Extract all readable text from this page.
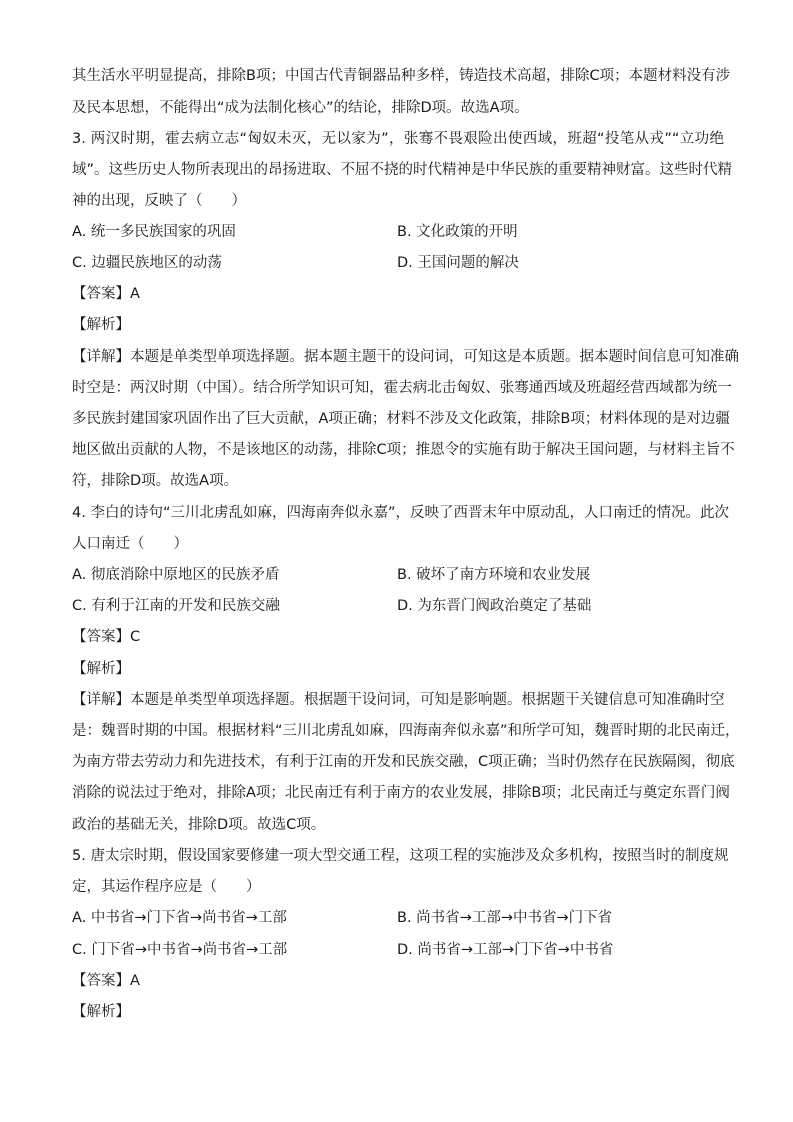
其生活水平明显提高，排除B项；中国古代青铜器品种多样，铸造技术高超，排除C项；本题材料没有涉
及民本思想，不能得出“成为法制化核心”的结论，排除D项。故选A项。
3. 两汉时期，霍去病立志“匈奴未灭，无以家为”，张骞不畏艰险出使西域，班超“投笔从戎”“立功绝
域”。这些历史人物所表现出的昂扬进取、不屈不挠的时代精神是中华民族的重要精神财富。这些时代精
神的出现，反映了（　　）
A. 统一多民族国家的巩固	B. 文化政策的开明
C. 边疆民族地区的动荡	D. 王国问题的解决
【答案】A
【解析】
【详解】本题是单类型单项选择题。据本题主题干的设问词，可知这是本质题。据本题时间信息可知准确
时空是：两汉时期（中国）。结合所学知识可知，霍去病北击匈奴、张骞通西域及班超经营西域都为统一
多民族封建国家巩固作出了巨大贡献，A项正确；材料不涉及文化政策，排除B项；材料体现的是对边疆
地区做出贡献的人物，不是该地区的动荡，排除C项；推恩令的实施有助于解决王国问题，与材料主旨不
符，排除D项。故选A项。
4. 李白的诗句“三川北虏乱如麻，四海南奔似永嘉”，反映了西晋末年中原动乱，人口南迁的情况。此次
人口南迁（　　）
A. 彻底消除中原地区的民族矛盾	B. 破坏了南方环境和农业发展
C. 有利于江南的开发和民族交融	D. 为东晋门阀政治奠定了基础
【答案】C
【解析】
【详解】本题是单类型单项选择题。根据题干设问词，可知是影响题。根据题干关键信息可知准确时空
是：魏晋时期的中国。根据材料“三川北虏乱如麻，四海南奔似永嘉”和所学可知，魏晋时期的北民南迁，
为南方带去劳动力和先进技术，有利于江南的开发和民族交融，C项正确；当时仍然存在民族隔阂，彻底
消除的说法过于绝对，排除A项；北民南迁有利于南方的农业发展，排除B项；北民南迁与奠定东晋门阀
政治的基础无关，排除D项。故选C项。
5. 唐太宗时期，假设国家要修建一项大型交通工程，这项工程的实施涉及众多机构，按照当时的制度规
定，其运作程序应是（　　）
A. 中书省→门下省→尚书省→工部	B. 尚书省→工部→中书省→门下省
C. 门下省→中书省→尚书省→工部	D. 尚书省→工部→门下省→中书省
【答案】A
【解析】
